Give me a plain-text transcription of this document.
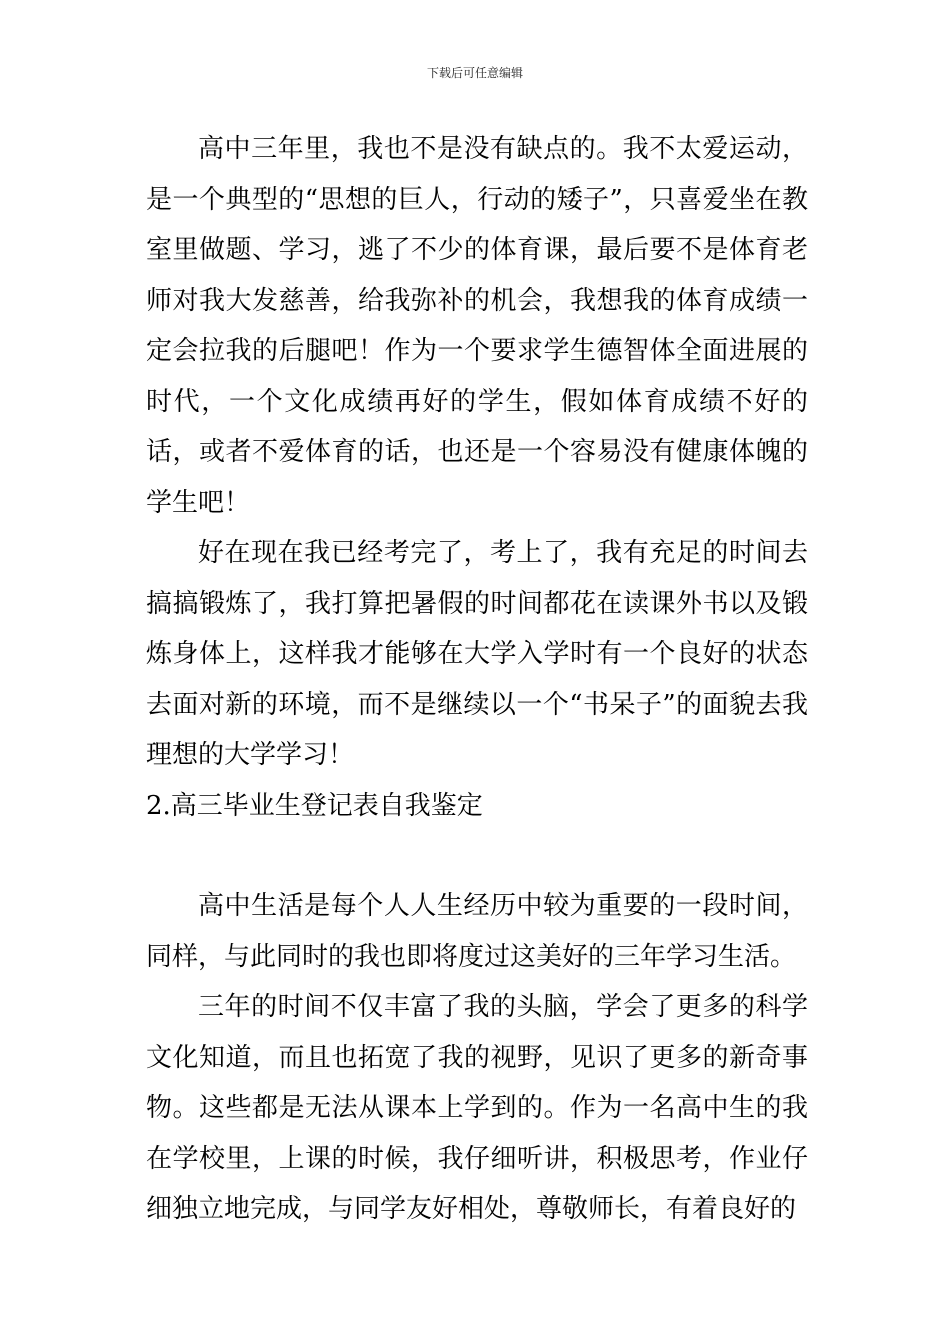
下载后可任意编辑

高中三年里，我也不是没有缺点的。我不太爱运动，是一个典型的“思想的巨人，行动的矮子”，只喜爱坐在教室里做题、学习，逃了不少的体育课，最后要不是体育老师对我大发慈善，给我弥补的机会，我想我的体育成绩一定会拉我的后腿吧！作为一个要求学生德智体全面进展的时代，一个文化成绩再好的学生，假如体育成绩不好的话，或者不爱体育的话，也还是一个容易没有健康体魄的学生吧！

好在现在我已经考完了，考上了，我有充足的时间去搞搞锻炼了，我打算把暑假的时间都花在读课外书以及锻炼身体上，这样我才能够在大学入学时有一个良好的状态去面对新的环境，而不是继续以一个“书呆子”的面貌去我理想的大学学习！

2.高三毕业生登记表自我鉴定

高中生活是每个人人生经历中较为重要的一段时间，同样，与此同时的我也即将度过这美好的三年学习生活。

三年的时间不仅丰富了我的头脑，学会了更多的科学文化知道，而且也拓宽了我的视野，见识了更多的新奇事物。这些都是无法从课本上学到的。作为一名高中生的我在学校里，上课的时候，我仔细听讲，积极思考，作业仔细独立地完成，与同学友好相处，尊敬师长，有着良好的
